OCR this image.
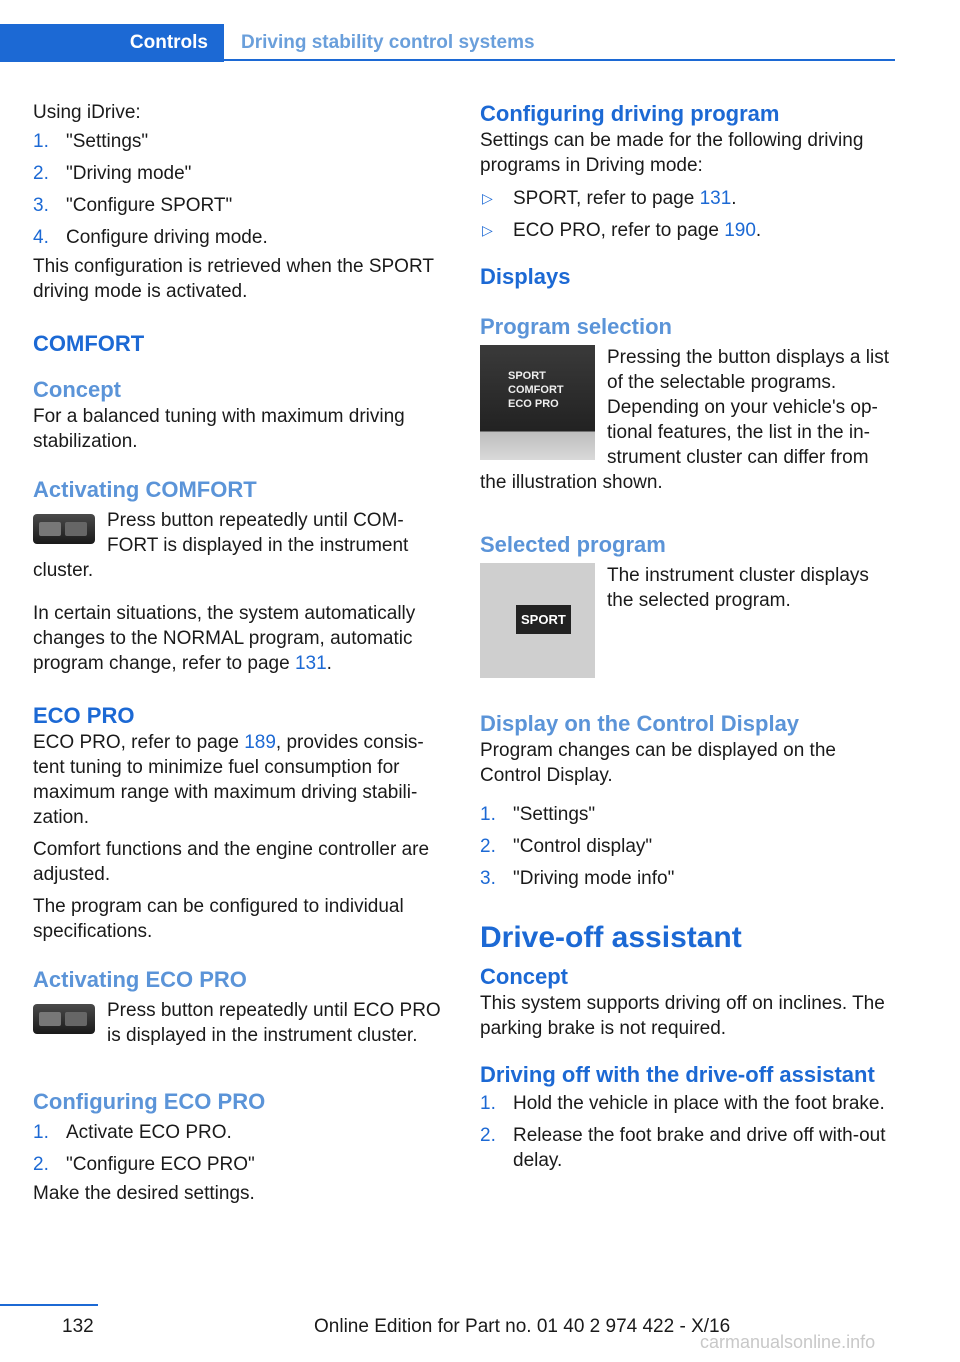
Controls	Driving stability control systems

Using iDrive:

1. "Settings"
2. "Driving mode"
3. "Configure SPORT"
4. Configure driving mode.

This configuration is retrieved when the SPORT driving mode is activated.

COMFORT
Concept

For a balanced tuning with maximum driving stabilization.

Activating COMFORT

Press button repeatedly until COM‐FORT is displayed in the instrument cluster.

In certain situations, the system automatically changes to the NORMAL program, automatic program change, refer to page 131.

ECO PRO

ECO PRO, refer to page 189, provides consis‐tent tuning to minimize fuel consumption for maximum range with maximum driving stabili‐zation.

Comfort functions and the engine controller are adjusted.

The program can be configured to individual specifications.

Activating ECO PRO

Press button repeatedly until ECO PRO is displayed in the instrument cluster.

Configuring ECO PRO
1. Activate ECO PRO.
2. "Configure ECO PRO"

Make the desired settings.

Configuring driving program

Settings can be made for the following driving programs in Driving mode:

▷ SPORT, refer to page 131.
▷ ECO PRO, refer to page 190.
Displays
Program selection
SPORT
COMFORT
ECO PRO

Pressing the button displays a list of the selectable programs. Depending on your vehicle's op‐tional features, the list in the in‐strument cluster can differ from the illustration shown.

Selected program
SPORT

The instrument cluster displays the selected program.

Display on the Control Display

Program changes can be displayed on the Control Display.

1. "Settings"
2. "Control display"
3. "Driving mode info"
Drive-off assistant
Concept

This system supports driving off on inclines. The parking brake is not required.

Driving off with the drive-off assistant
1. Hold the vehicle in place with the foot brake.
2. Release the foot brake and drive off with‐out delay.
132	Online Edition for Part no. 01 40 2 974 422 - X/16
carmanualsonline.info
